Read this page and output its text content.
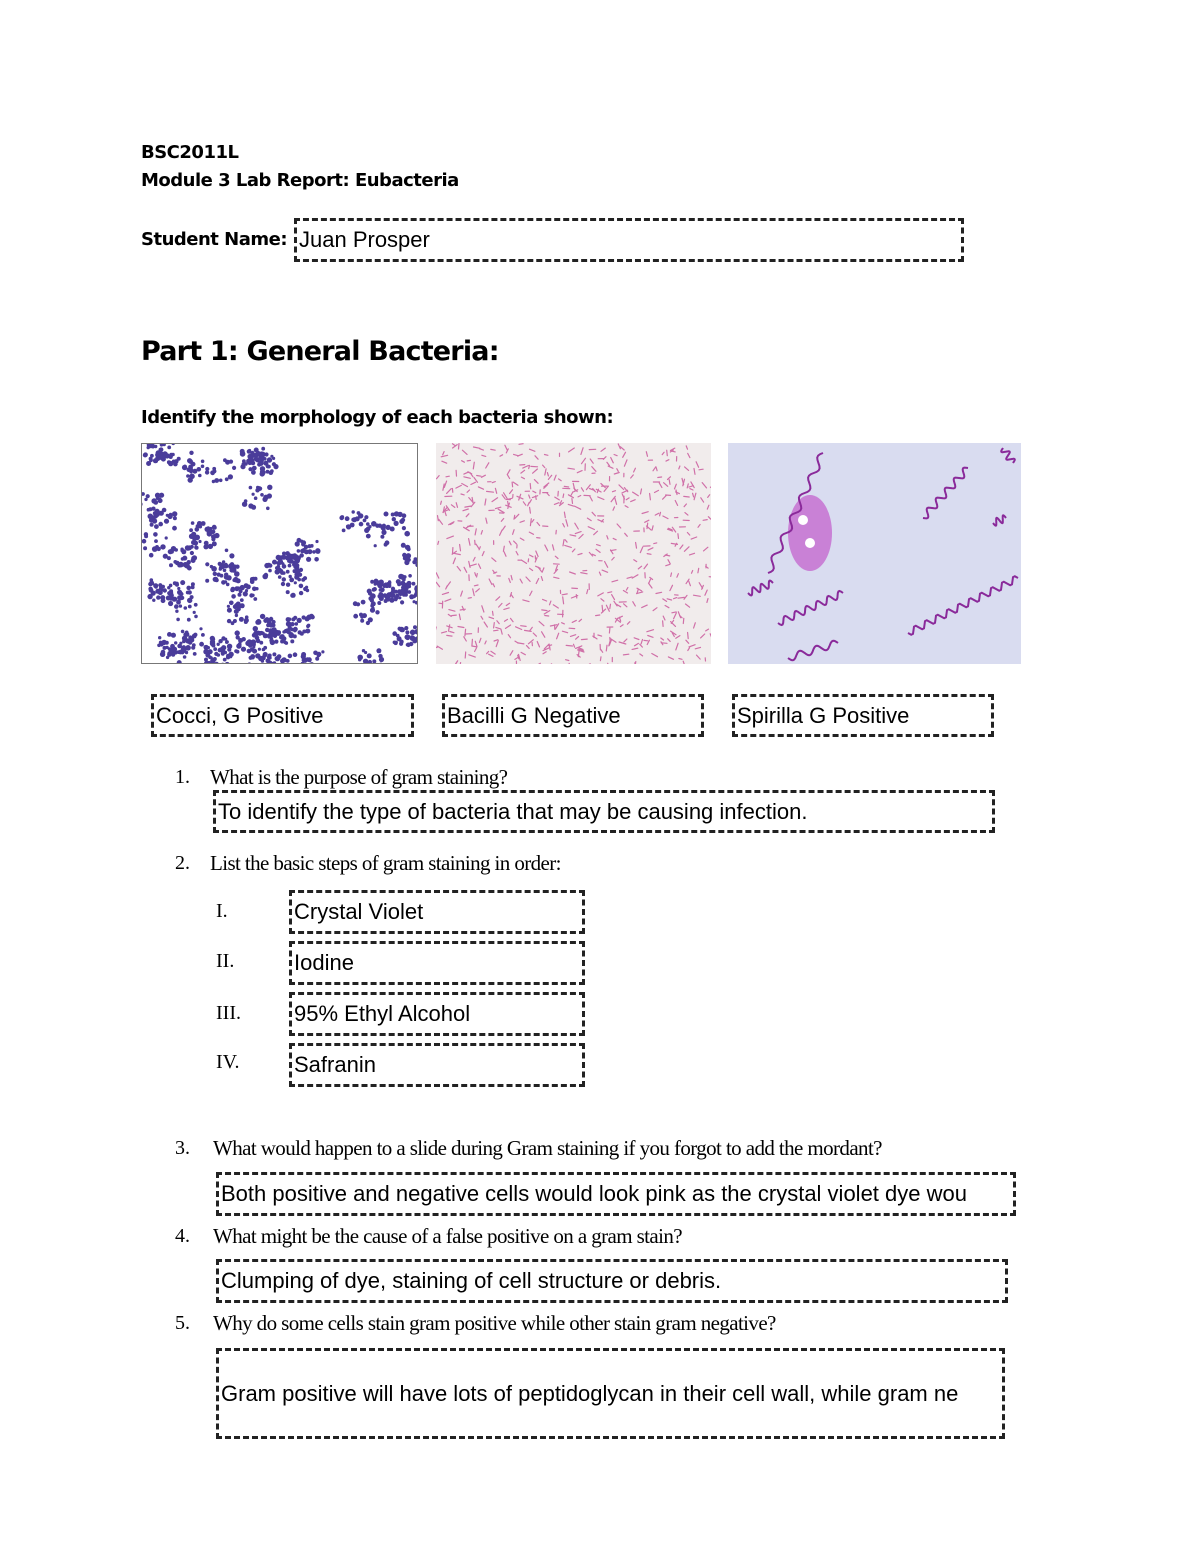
BSC2011L
Module 3 Lab Report: Eubacteria
Student Name: Juan Prosper
Part 1: General Bacteria:
Identify the morphology of each bacteria shown:
Cocci, G Positive	Bacilli G Negative	Spirilla G Positive
1. What is the purpose of gram staining?
To identify the type of bacteria that may be causing infection.
2. List the basic steps of gram staining in order:
I.	Crystal Violet
II.	Iodine
III. 95% Ethyl Alcohol
IV. Safranin
3. What would happen to a slide during Gram staining if you forgot to add the mordant?
Both positive and negative cells would look pink as the crystal violet dye wou
4. What might be the cause of a false positive on a gram stain?
Clumping of dye, staining of cell structure or debris.
5. Why do some cells stain gram positive while other stain gram negative?
Gram positive will have lots of peptidoglycan in their cell wall, while gram ne
